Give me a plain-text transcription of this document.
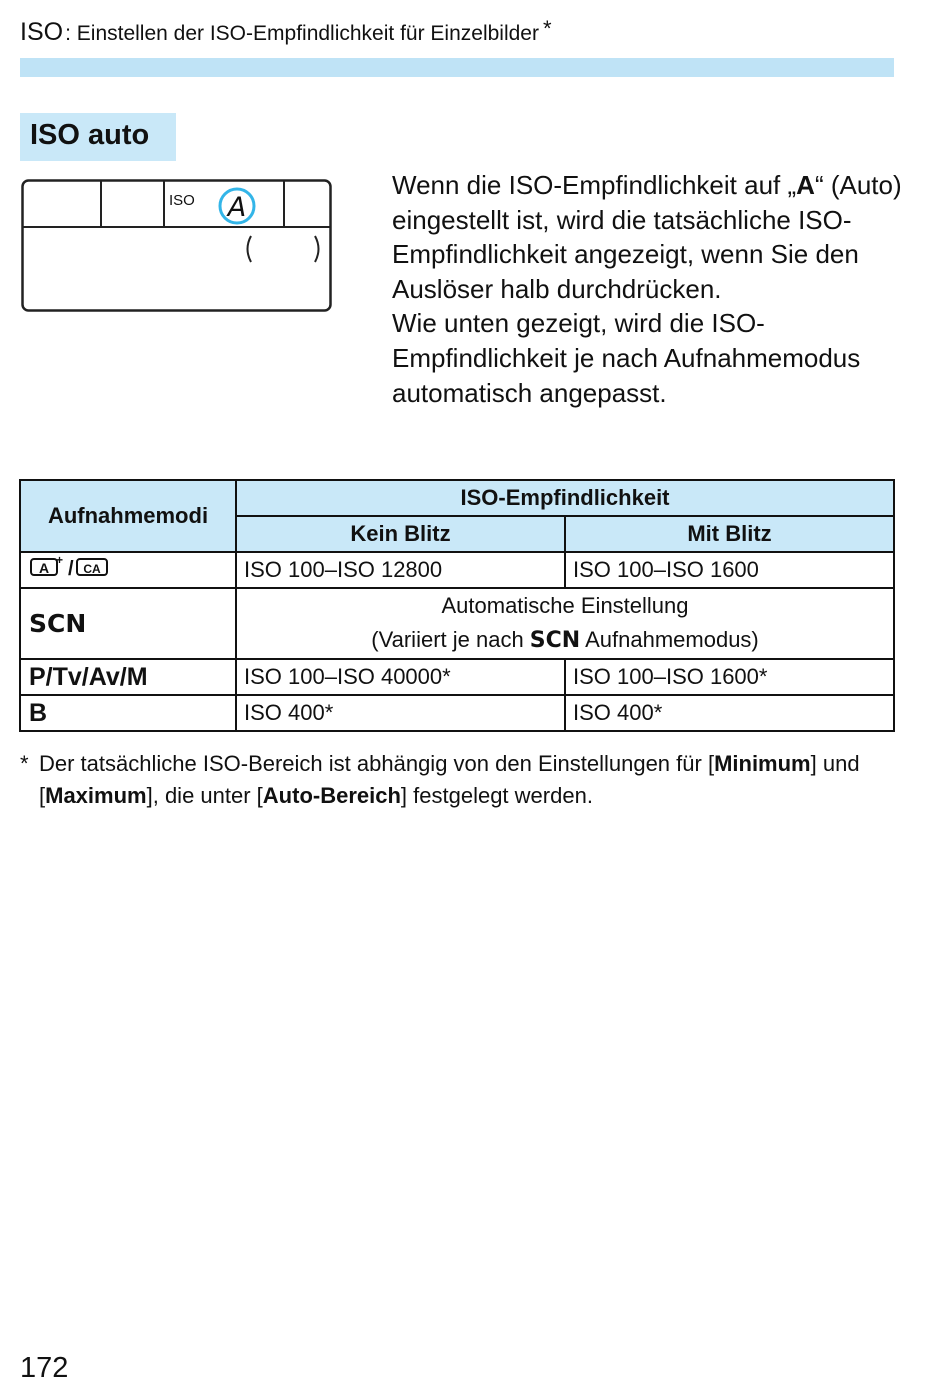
ISO :
Einstellen der ISO-Empfindlichkeit für Einzelbilder *
ISO auto
ISO A

Wenn die ISO-Empfindlichkeit auf „A“ (Auto) eingestellt ist, wird die tatsächliche ISO-Empfindlichkeit angezeigt, wenn Sie den Auslöser halb durchdrücken.

Wie unten gezeigt, wird die ISO-Empfindlichkeit je nach Aufnahmemodus automatisch angepasst.

Aufnahmemodi	ISO-Empfindlichkeit	
	Kein Blitz	Mit Blitz

A + / CA	ISO 100–ISO 12800	ISO 100–ISO 1600
SCN	Automatische Einstellung
(Variiert je nach SCN Aufnahmemodus)	

P/Tv/Av/M	ISO 100–ISO 40000*	ISO 100–ISO 1600*
B	ISO 400*	ISO 400*
* Der tatsächliche ISO-Bereich ist abhängig von den Einstellungen für [Minimum] und [Maximum], die unter [Auto-Bereich] festgelegt werden.
172
